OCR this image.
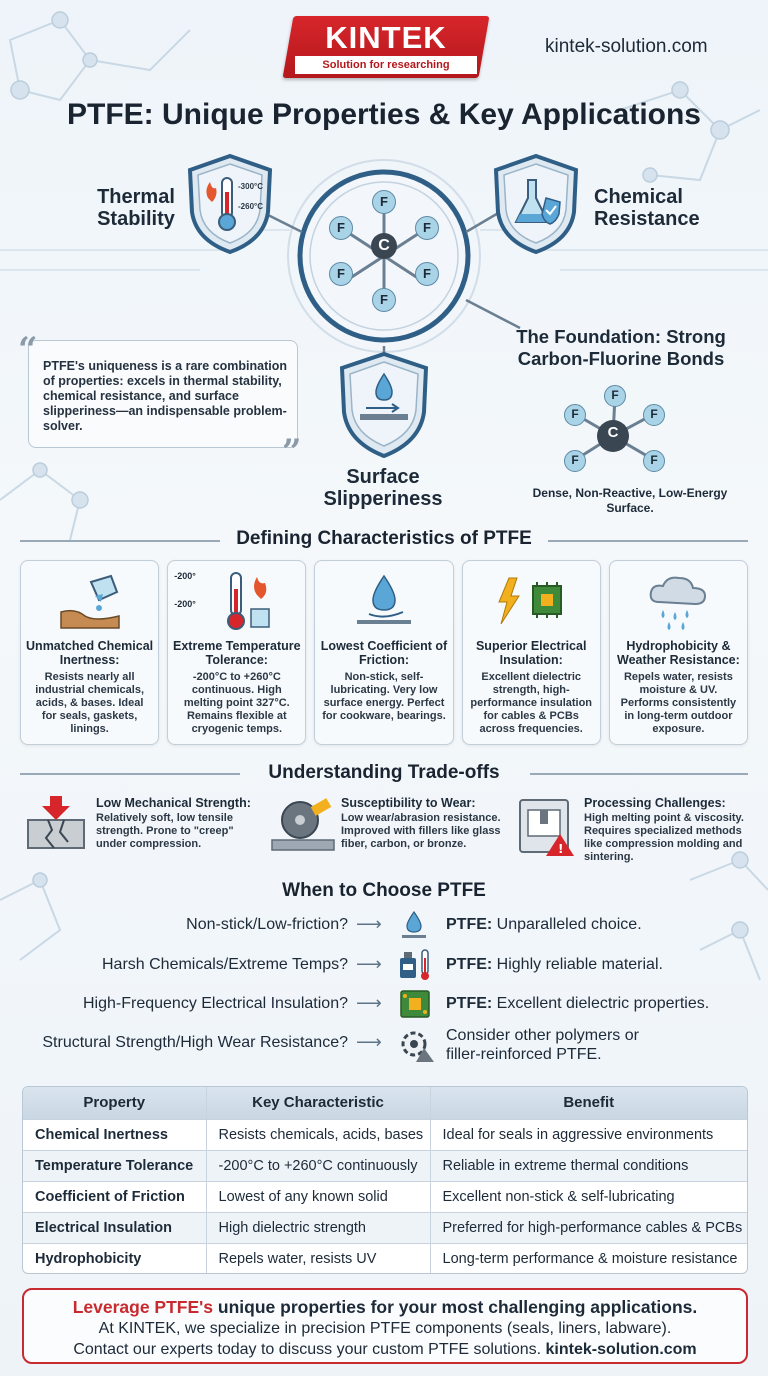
KINTEK
Solution for researching
kintek-solution.com
PTFE: Unique Properties & Key Applications
C
F
F
F	F
F	F
Thermal Stability
-300°C
-260°C	Chemical Resistance
PTFE's uniqueness is a rare combination of properties: excels in thermal stability, chemical resistance, and surface slipperiness—an indispensable problem-solver.
“
”
Surface Slipperiness
The Foundation: Strong Carbon-Fluorine Bonds
C
F
F	F
F	F
Dense, Non-Reactive, Low-Energy Surface.
Defining Characteristics of PTFE
Unmatched Chemical Inertness:
Resists nearly all industrial chemicals, acids, & bases. Ideal for seals, gaskets, linings.
-200°
-200°
Extreme Temperature Tolerance:
-200°C to +260°C continuous. High melting point 327°C. Remains flexible at cryogenic temps.
Lowest Coefficient of Friction:
Non-stick, self-lubricating. Very low surface energy. Perfect for cookware, bearings.
Superior Electrical Insulation:
Excellent dielectric strength, high-performance insulation for cables & PCBs across frequencies.
Hydrophobicity & Weather Resistance:
Repels water, resists moisture & UV. Performs consistently in long-term outdoor exposure.
Understanding Trade-offs
Low Mechanical Strength:
Relatively soft, low tensile strength. Prone to "creep" under compression.
Susceptibility to Wear:
Low wear/abrasion resistance. Improved with fillers like glass fiber, carbon, or bronze.	!
Processing Challenges:
High melting point & viscosity. Requires specialized methods like compression molding and sintering.
When to Choose PTFE
Non-stick/Low-friction? ⟶	PTFE: Unparalleled choice.
Harsh Chemicals/Extreme Temps? ⟶	PTFE: Highly reliable material.
High-Frequency Electrical Insulation? ⟶	PTFE: Excellent dielectric properties.
Structural Strength/High Wear Resistance? ⟶	Consider other polymers or filler-reinforced PTFE.
Property	Key Characteristic	Benefit
Chemical Inertness	Resists chemicals, acids, bases	Ideal for seals in aggressive environments
Temperature Tolerance	-200°C to +260°C continuously	Reliable in extreme thermal conditions
Coefficient of Friction	Lowest of any known solid	Excellent non-stick & self-lubricating
Electrical Insulation	High dielectric strength	Preferred for high-performance cables & PCBs
Hydrophobicity	Repels water, resists UV	Long-term performance & moisture resistance
Leverage PTFE's unique properties for your most challenging applications.
At KINTEK, we specialize in precision PTFE components (seals, liners, labware).
Contact our experts today to discuss your custom PTFE solutions. kintek-solution.com
